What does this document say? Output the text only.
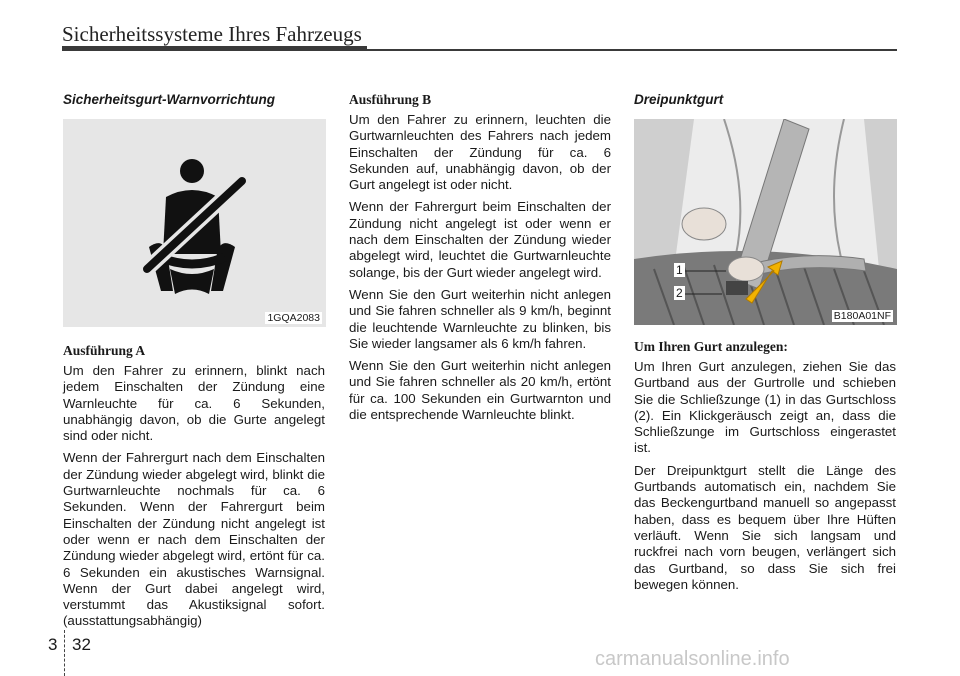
Sicherheitssysteme Ihres Fahrzeugs
Sicherheitsgurt-Warnvorrichtung
1GQA2083
Ausführung A

Um den Fahrer zu erinnern, blinkt nach jedem Einschalten der Zündung eine Warnleuchte für ca. 6 Sekunden, unabhängig davon, ob die Gurte angelegt sind oder nicht.

Wenn der Fahrergurt nach dem Einschalten der Zündung wieder abgelegt wird, blinkt die Gurtwarnleuchte nochmals für ca. 6 Sekunden. Wenn der Fahrergurt beim Einschalten der Zündung nicht angelegt ist oder wenn er nach dem Einschalten der Zündung wieder abgelegt wird, ertönt für ca. 6 Sekunden ein akustisches Warnsignal. Wenn der Gurt dabei angelegt wird, verstummt das Akustiksignal sofort. (ausstattungsabhängig)

Ausführung B

Um den Fahrer zu erinnern, leuchten die Gurtwarnleuchten des Fahrers nach jedem Einschalten der Zündung für ca. 6 Sekunden auf, unabhängig davon, ob der Gurt angelegt ist oder nicht.

Wenn der Fahrergurt beim Einschalten der Zündung nicht angelegt ist oder wenn er nach dem Einschalten der Zündung wieder abgelegt wird, leuchtet die Gurtwarnleuchte solange, bis der Gurt wieder angelegt wird.

Wenn Sie den Gurt weiterhin nicht anlegen und Sie fahren schneller als 9 km/h, beginnt die leuchtende Warnleuchte zu blinken, bis Sie wieder langsamer als 6 km/h fahren.

Wenn Sie den Gurt weiterhin nicht anlegen und Sie fahren schneller als 20 km/h, ertönt für ca. 100 Sekunden ein Gurtwarnton und die entsprechende Warnleuchte blinkt.

Dreipunktgurt
1
2
B180A01NF
Um Ihren Gurt anzulegen:

Um Ihren Gurt anzulegen, ziehen Sie das Gurtband aus der Gurtrolle und schieben Sie die Schließzunge (1) in das Gurtschloss (2). Ein Klickgeräusch zeigt an, dass die Schließzunge im Gurtschloss eingerastet ist.

Der Dreipunktgurt stellt die Länge des Gurtbands automatisch ein, nachdem Sie das Beckengurtband manuell so angepasst haben, dass es bequem über Ihre Hüften verläuft. Wenn Sie sich langsam und ruckfrei nach vorn beugen, verlängert sich das Gurtband, so dass Sie sich frei bewegen können.

3 32
carmanualsonline.info
